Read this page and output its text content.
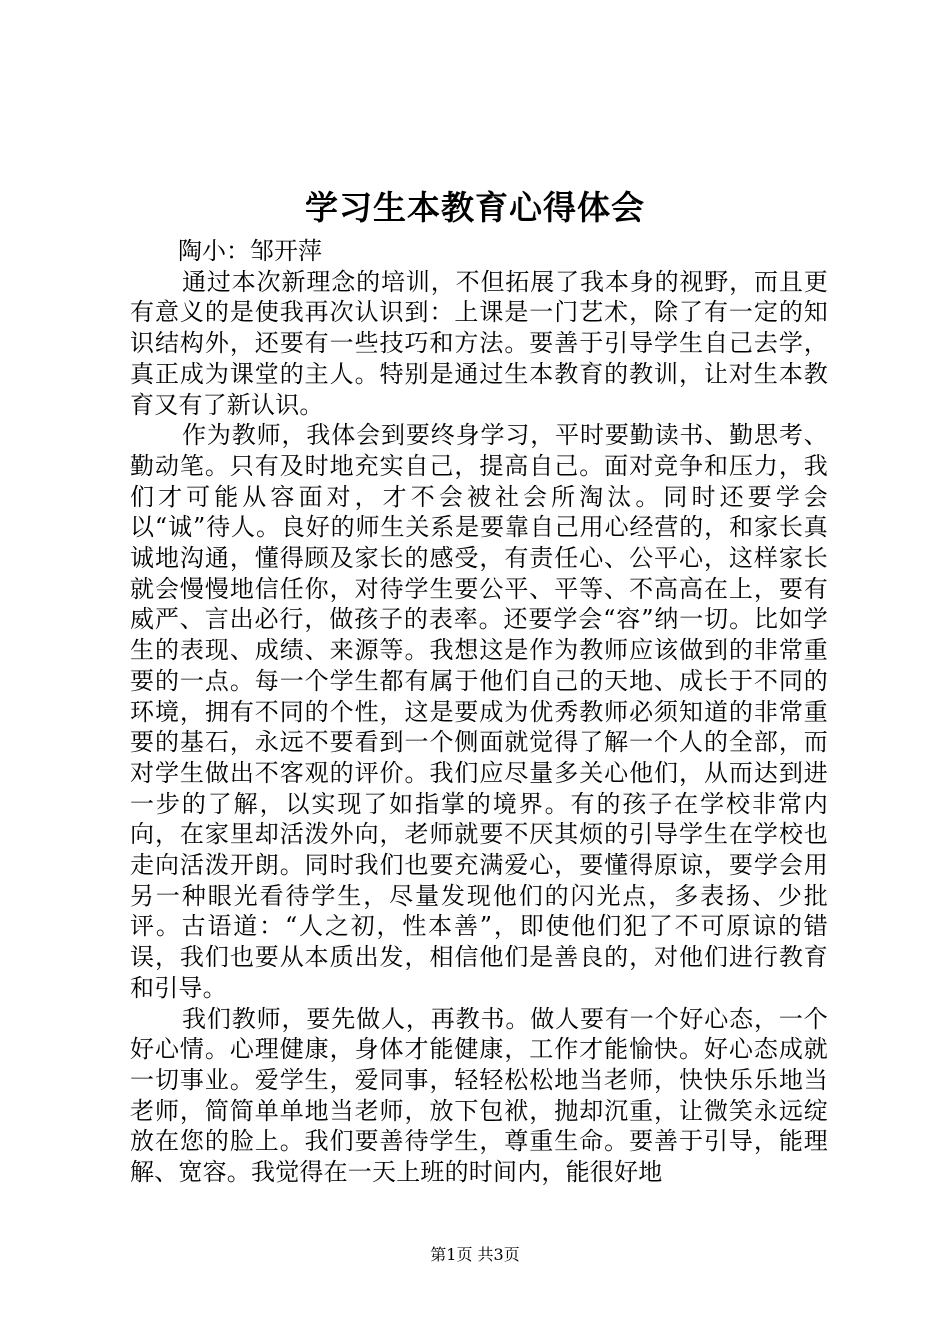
学习生本教育心得体会

陶小：邹开萍

通过本次新理念的培训，不但拓展了我本身的视野，而且更有意义的是使我再次认识到：上课是一门艺术，除了有一定的知识结构外，还要有一些技巧和方法。要善于引导学生自己去学，真正成为课堂的主人。特别是通过生本教育的教训，让对生本教育又有了新认识。

作为教师，我体会到要终身学习，平时要勤读书、勤思考、勤动笔。只有及时地充实自己，提高自己。面对竞争和压力，我们才可能从容面对，才不会被社会所淘汰。同时还要学会以“诚”待人。良好的师生关系是要靠自己用心经营的，和家长真诚地沟通，懂得顾及家长的感受，有责任心、公平心，这样家长就会慢慢地信任你，对待学生要公平、平等、不高高在上，要有威严、言出必行，做孩子的表率。还要学会“容”纳一切。比如学生的表现、成绩、来源等。我想这是作为教师应该做到的非常重要的一点。每一个学生都有属于他们自己的天地、成长于不同的环境，拥有不同的个性，这是要成为优秀教师必须知道的非常重要的基石，永远不要看到一个侧面就觉得了解一个人的全部，而对学生做出不客观的评价。我们应尽量多关心他们，从而达到进一步的了解，以实现了如指掌的境界。有的孩子在学校非常内向，在家里却活泼外向，老师就要不厌其烦的引导学生在学校也走向活泼开朗。同时我们也要充满爱心，要懂得原谅，要学会用另一种眼光看待学生，尽量发现他们的闪光点，多表扬、少批评。古语道：“人之初，性本善”，即使他们犯了不可原谅的错误，我们也要从本质出发，相信他们是善良的，对他们进行教育和引导。

我们教师，要先做人，再教书。做人要有一个好心态，一个好心情。心理健康，身体才能健康，工作才能愉快。好心态成就一切事业。爱学生，爱同事，轻轻松松地当老师，快快乐乐地当老师，简简单单地当老师，放下包袱，抛却沉重，让微笑永远绽放在您的脸上。我们要善待学生，尊重生命。要善于引导，能理解、宽容。我觉得在一天上班的时间内，能很好地

第1页 共3页
